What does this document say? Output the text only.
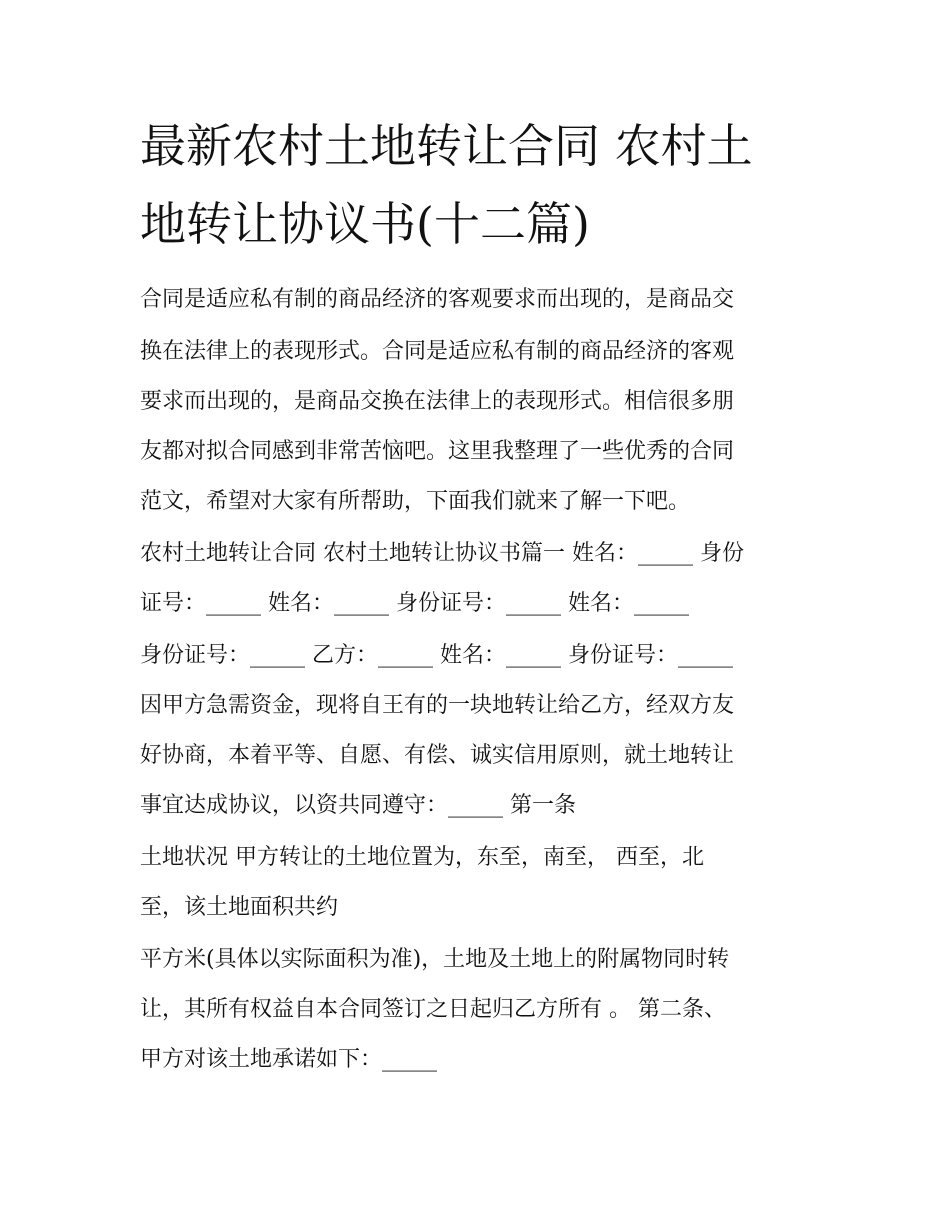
最新农村土地转让合同 农村土
地转让协议书(十二篇)
合同是适应私有制的商品经济的客观要求而出现的，是商品交
换在法律上的表现形式。合同是适应私有制的商品经济的客观
要求而出现的，是商品交换在法律上的表现形式。相信很多朋
友都对拟合同感到非常苦恼吧。这里我整理了一些优秀的合同
范文，希望对大家有所帮助，下面我们就来了解一下吧。
农村土地转让合同 农村土地转让协议书篇一 姓名：_____ 身份
证号：_____ 姓名：_____ 身份证号：_____ 姓名：_____
身份证号：_____ 乙方：_____ 姓名：_____ 身份证号：_____
因甲方急需资金，现将自王有的一块地转让给乙方，经双方友
好协商，本着平等、自愿、有偿、诚实信用原则，就土地转让
事宜达成协议，以资共同遵守：_____ 第一条
土地状况 甲方转让的土地位置为，东至，南至， 西至，北
至，该土地面积共约
平方米(具体以实际面积为准)，土地及土地上的附属物同时转
让，其所有权益自本合同签订之日起归乙方所有 。 第二条、
甲方对该土地承诺如下：_____
